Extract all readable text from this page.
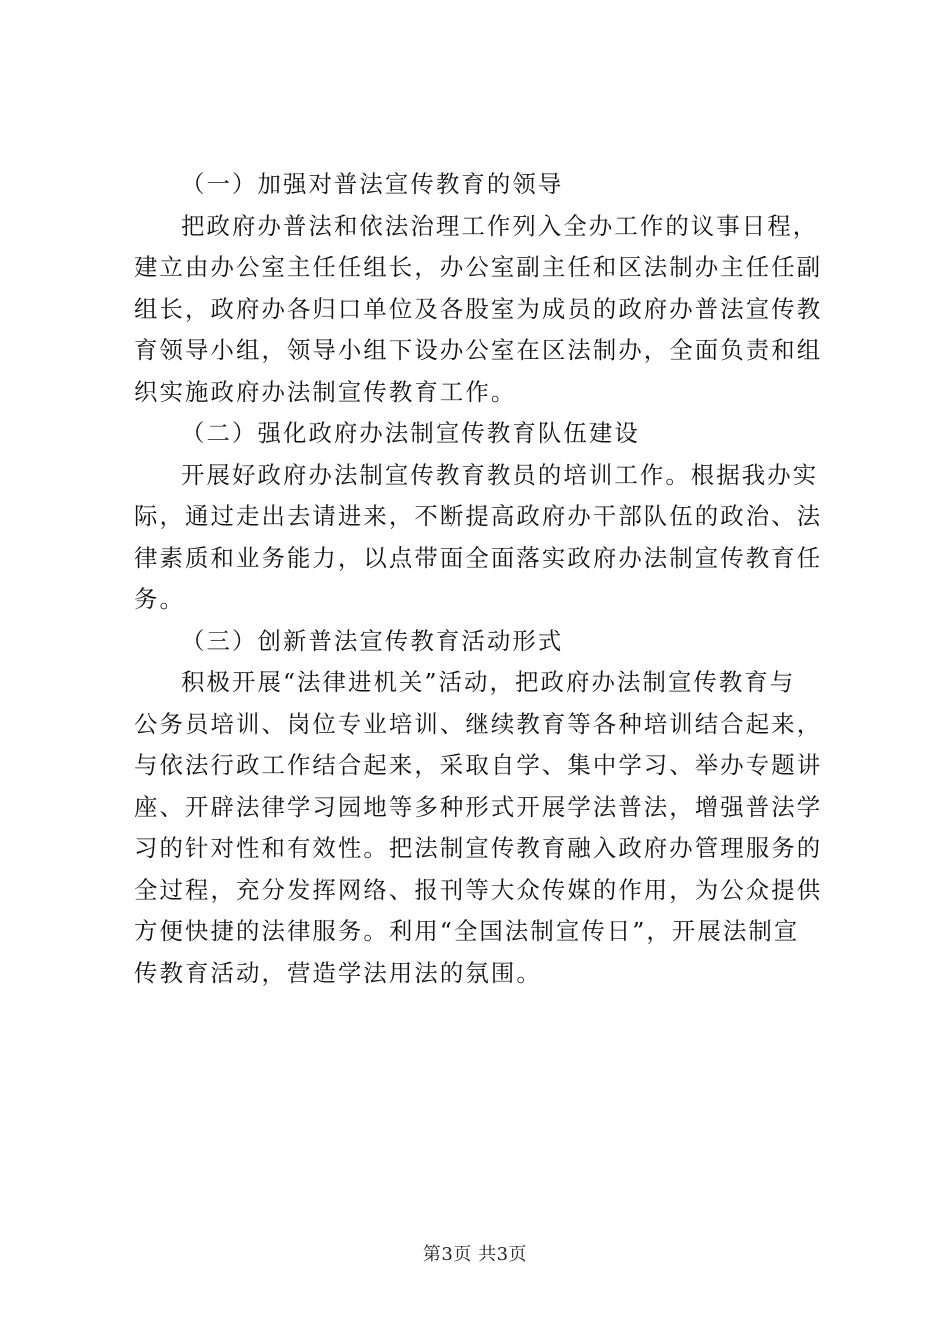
（一）加强对普法宣传教育的领导
把政府办普法和依法治理工作列入全办工作的议事日程，
建立由办公室主任任组长，办公室副主任和区法制办主任任副
组长，政府办各归口单位及各股室为成员的政府办普法宣传教
育领导小组，领导小组下设办公室在区法制办，全面负责和组
织实施政府办法制宣传教育工作。
（二）强化政府办法制宣传教育队伍建设
开展好政府办法制宣传教育教员的培训工作。根据我办实
际，通过走出去请进来，不断提高政府办干部队伍的政治、法
律素质和业务能力，以点带面全面落实政府办法制宣传教育任
务。
（三）创新普法宣传教育活动形式
积极开展“法律进机关”活动，把政府办法制宣传教育与
公务员培训、岗位专业培训、继续教育等各种培训结合起来，
与依法行政工作结合起来，采取自学、集中学习、举办专题讲
座、开辟法律学习园地等多种形式开展学法普法，增强普法学
习的针对性和有效性。把法制宣传教育融入政府办管理服务的
全过程，充分发挥网络、报刊等大众传媒的作用，为公众提供
方便快捷的法律服务。利用“全国法制宣传日”，开展法制宣
传教育活动，营造学法用法的氛围。
第3页 共3页
